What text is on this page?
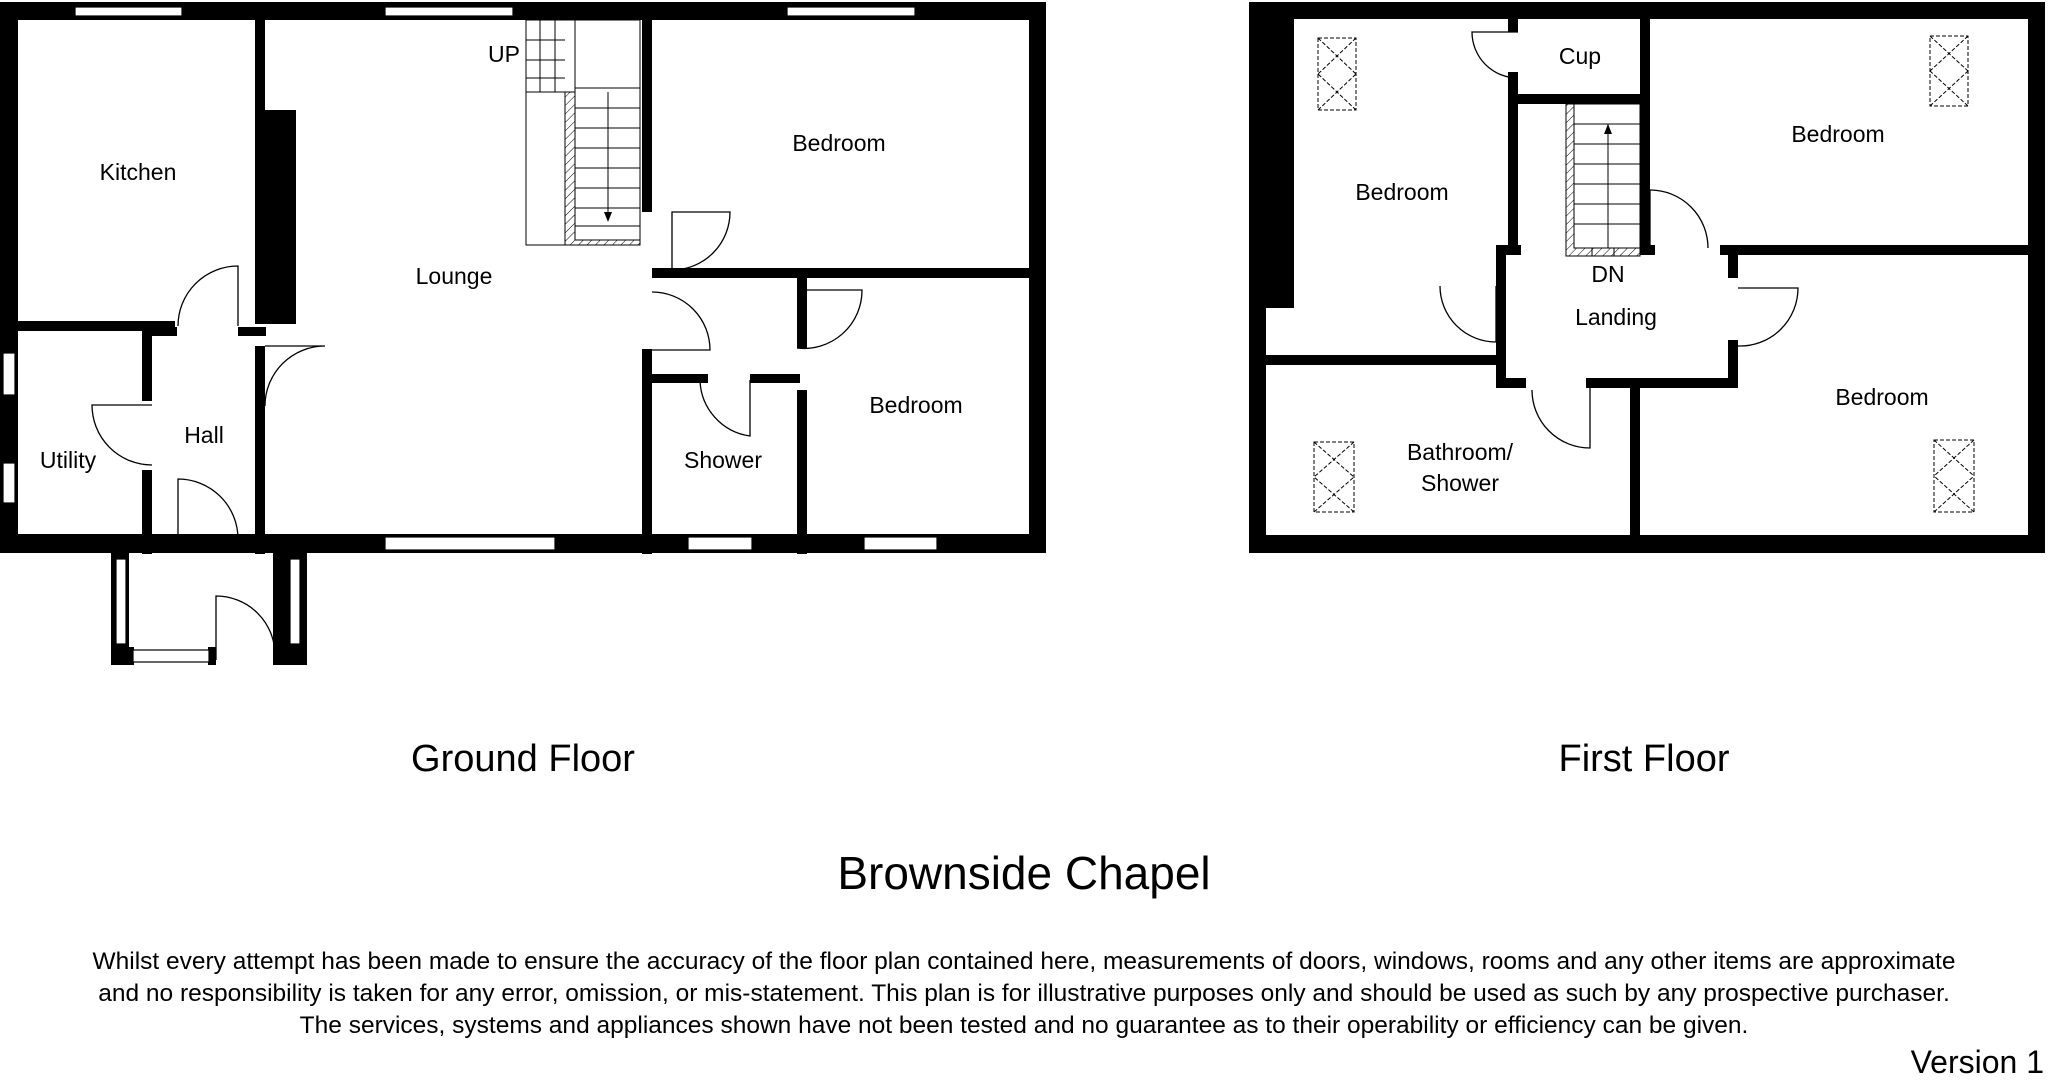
Kitchen
Lounge
Bedroom
Bedroom
Utility
Hall
Shower
UP
Ground Floor
Bedroom
Cup
Bedroom
DN
Landing
Bedroom
Bathroom/
Shower
First Floor
Brownside Chapel
Whilst every attempt has been made to ensure the accuracy of the floor plan contained here, measurements of doors, windows, rooms and any other items are approximate
and no responsibility is taken for any error, omission, or mis-statement. This plan is for illustrative purposes only and should be used as such by any prospective purchaser.
The services, systems and appliances shown have not been tested and no guarantee as to their operability or efficiency can be given.
Version 1
